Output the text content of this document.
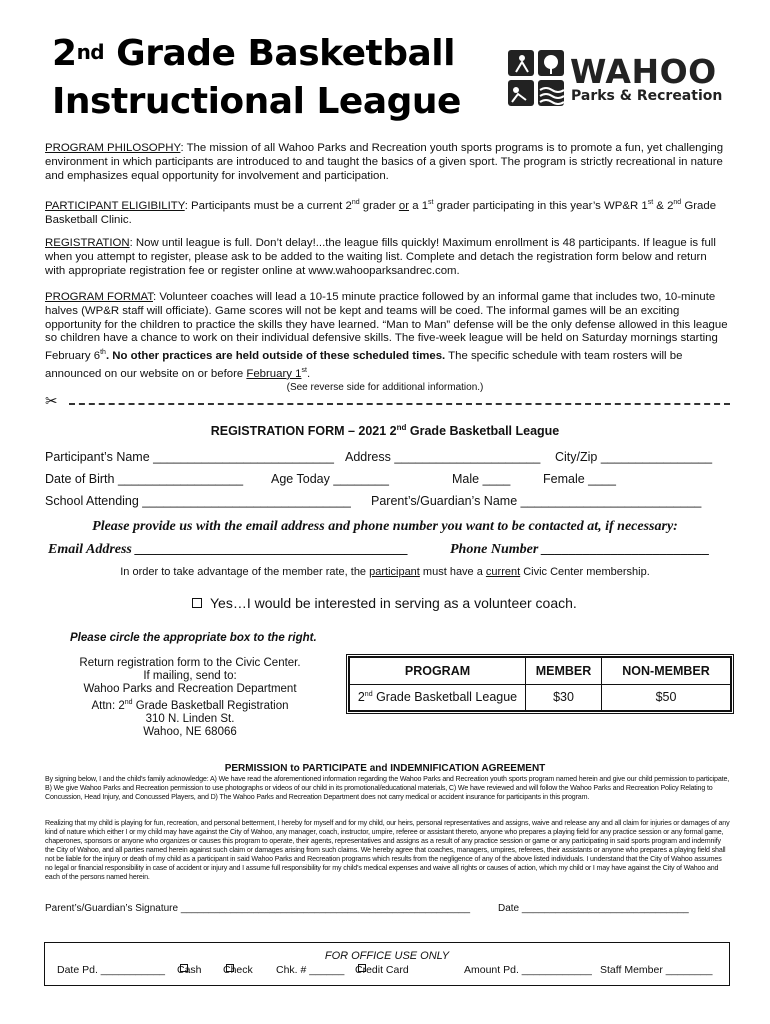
2nd Grade Basketball
Instructional League
WAHOO
Parks & Recreation
PROGRAM PHILOSOPHY: The mission of all Wahoo Parks and Recreation youth sports programs is to promote a fun, yet challenging environment in which participants are introduced to and taught the basics of a given sport. The program is strictly recreational in nature and emphasizes equal opportunity for involvement and participation.
PARTICIPANT ELIGIBILITY: Participants must be a current 2nd grader or a 1st grader participating in this year’s WP&R 1st & 2nd Grade Basketball Clinic.
REGISTRATION: Now until league is full. Don’t delay!...the league fills quickly! Maximum enrollment is 48 participants. If league is full when you attempt to register, please ask to be added to the waiting list. Complete and detach the registration form below and return with appropriate registration fee or register online at www.wahooparksandrec.com.
PROGRAM FORMAT: Volunteer coaches will lead a 10-15 minute practice followed by an informal game that includes two, 10-minute halves (WP&R staff will officiate). Game scores will not be kept and teams will be coed. The informal games will be an exciting opportunity for the children to practice the skills they have learned. “Man to Man” defense will be the only defense allowed in this league so children have a chance to work on their individual defensive skills. The five-week league will be held on Saturday mornings starting February 6th. No other practices are held outside of these scheduled times. The specific schedule with team rosters will be announced on our website on or before February 1st.
(See reverse side for additional information.)
✂
REGISTRATION FORM – 2021 2nd Grade Basketball League
Participant’s Name __________________________ Address _____________________ City/Zip ________________
Date of Birth __________________ Age Today ________	Male ____	Female ____
School Attending ______________________________ Parent’s/Guardian’s Name __________________________
Please provide us with the email address and phone number you want to be contacted at, if necessary:
Email Address _______________________________________	Phone Number ________________________
In order to take advantage of the member rate, the participant must have a current Civic Center membership.
Yes…I would be interested in serving as a volunteer coach.
Please circle the appropriate box to the right.
Return registration form to the Civic Center.
If mailing, send to:
Wahoo Parks and Recreation Department
Attn: 2nd Grade Basketball Registration
310 N. Linden St.
Wahoo, NE 68066
PROGRAM	MEMBER	NON-MEMBER
2nd Grade Basketball League	$30	$50
PERMISSION to PARTICIPATE and INDEMNIFICATION AGREEMENT
By signing below, I and the child’s family acknowledge: A) We have read the aforementioned information regarding the Wahoo Parks and Recreation youth sports program named herein and give our child permission to participate, B) We give Wahoo Parks and Recreation permission to use photographs or videos of our child in its promotional/educational materials, C) We have reviewed and will follow the Wahoo Parks and Recreation Policy Relating to Concussion, Head Injury, and Concussed Players, and D) The Wahoo Parks and Recreation Department does not carry medical or accident insurance for participants in this program.
Realizing that my child is playing for fun, recreation, and personal betterment, I hereby for myself and for my child, our heirs, personal representatives and assigns, waive and release any and all claim for injuries or damages of any kind of nature which either I or my child may have against the City of Wahoo, any manager, coach, instructor, umpire, referee or assistant thereto, anyone who prepares a playing field for any practice session or any formal game, chaperones, sponsors or anyone who organizes or causes this program to operate, their agents, representatives and assigns as a result of any practice session or game or any participating in said sports program and indemnify the City of Wahoo, and all parties named herein against such claim or damages arising from such claims. We hereby agree that coaches, managers, umpires, referees, their assistants or anyone who prepares a playing field shall not be liable for the injury or death of my child as a participant in said Wahoo Parks and Recreation programs which results from the negligence of any of the above listed individuals. I understand that the City of Wahoo assumes no legal or financial responsibility in case of accident or injury and I assume full responsibility for my child’s medical expenses and waive all rights or causes of action, which my child or I may have against the City of Wahoo and each of the persons named herein.
Parent’s/Guardian’s Signature ____________________________________________________	Date ______________________________
FOR OFFICE USE ONLY
Date Pd. ___________ Cash Check Chk. # ______ Credit Card	Amount Pd. ____________ Staff Member ________
